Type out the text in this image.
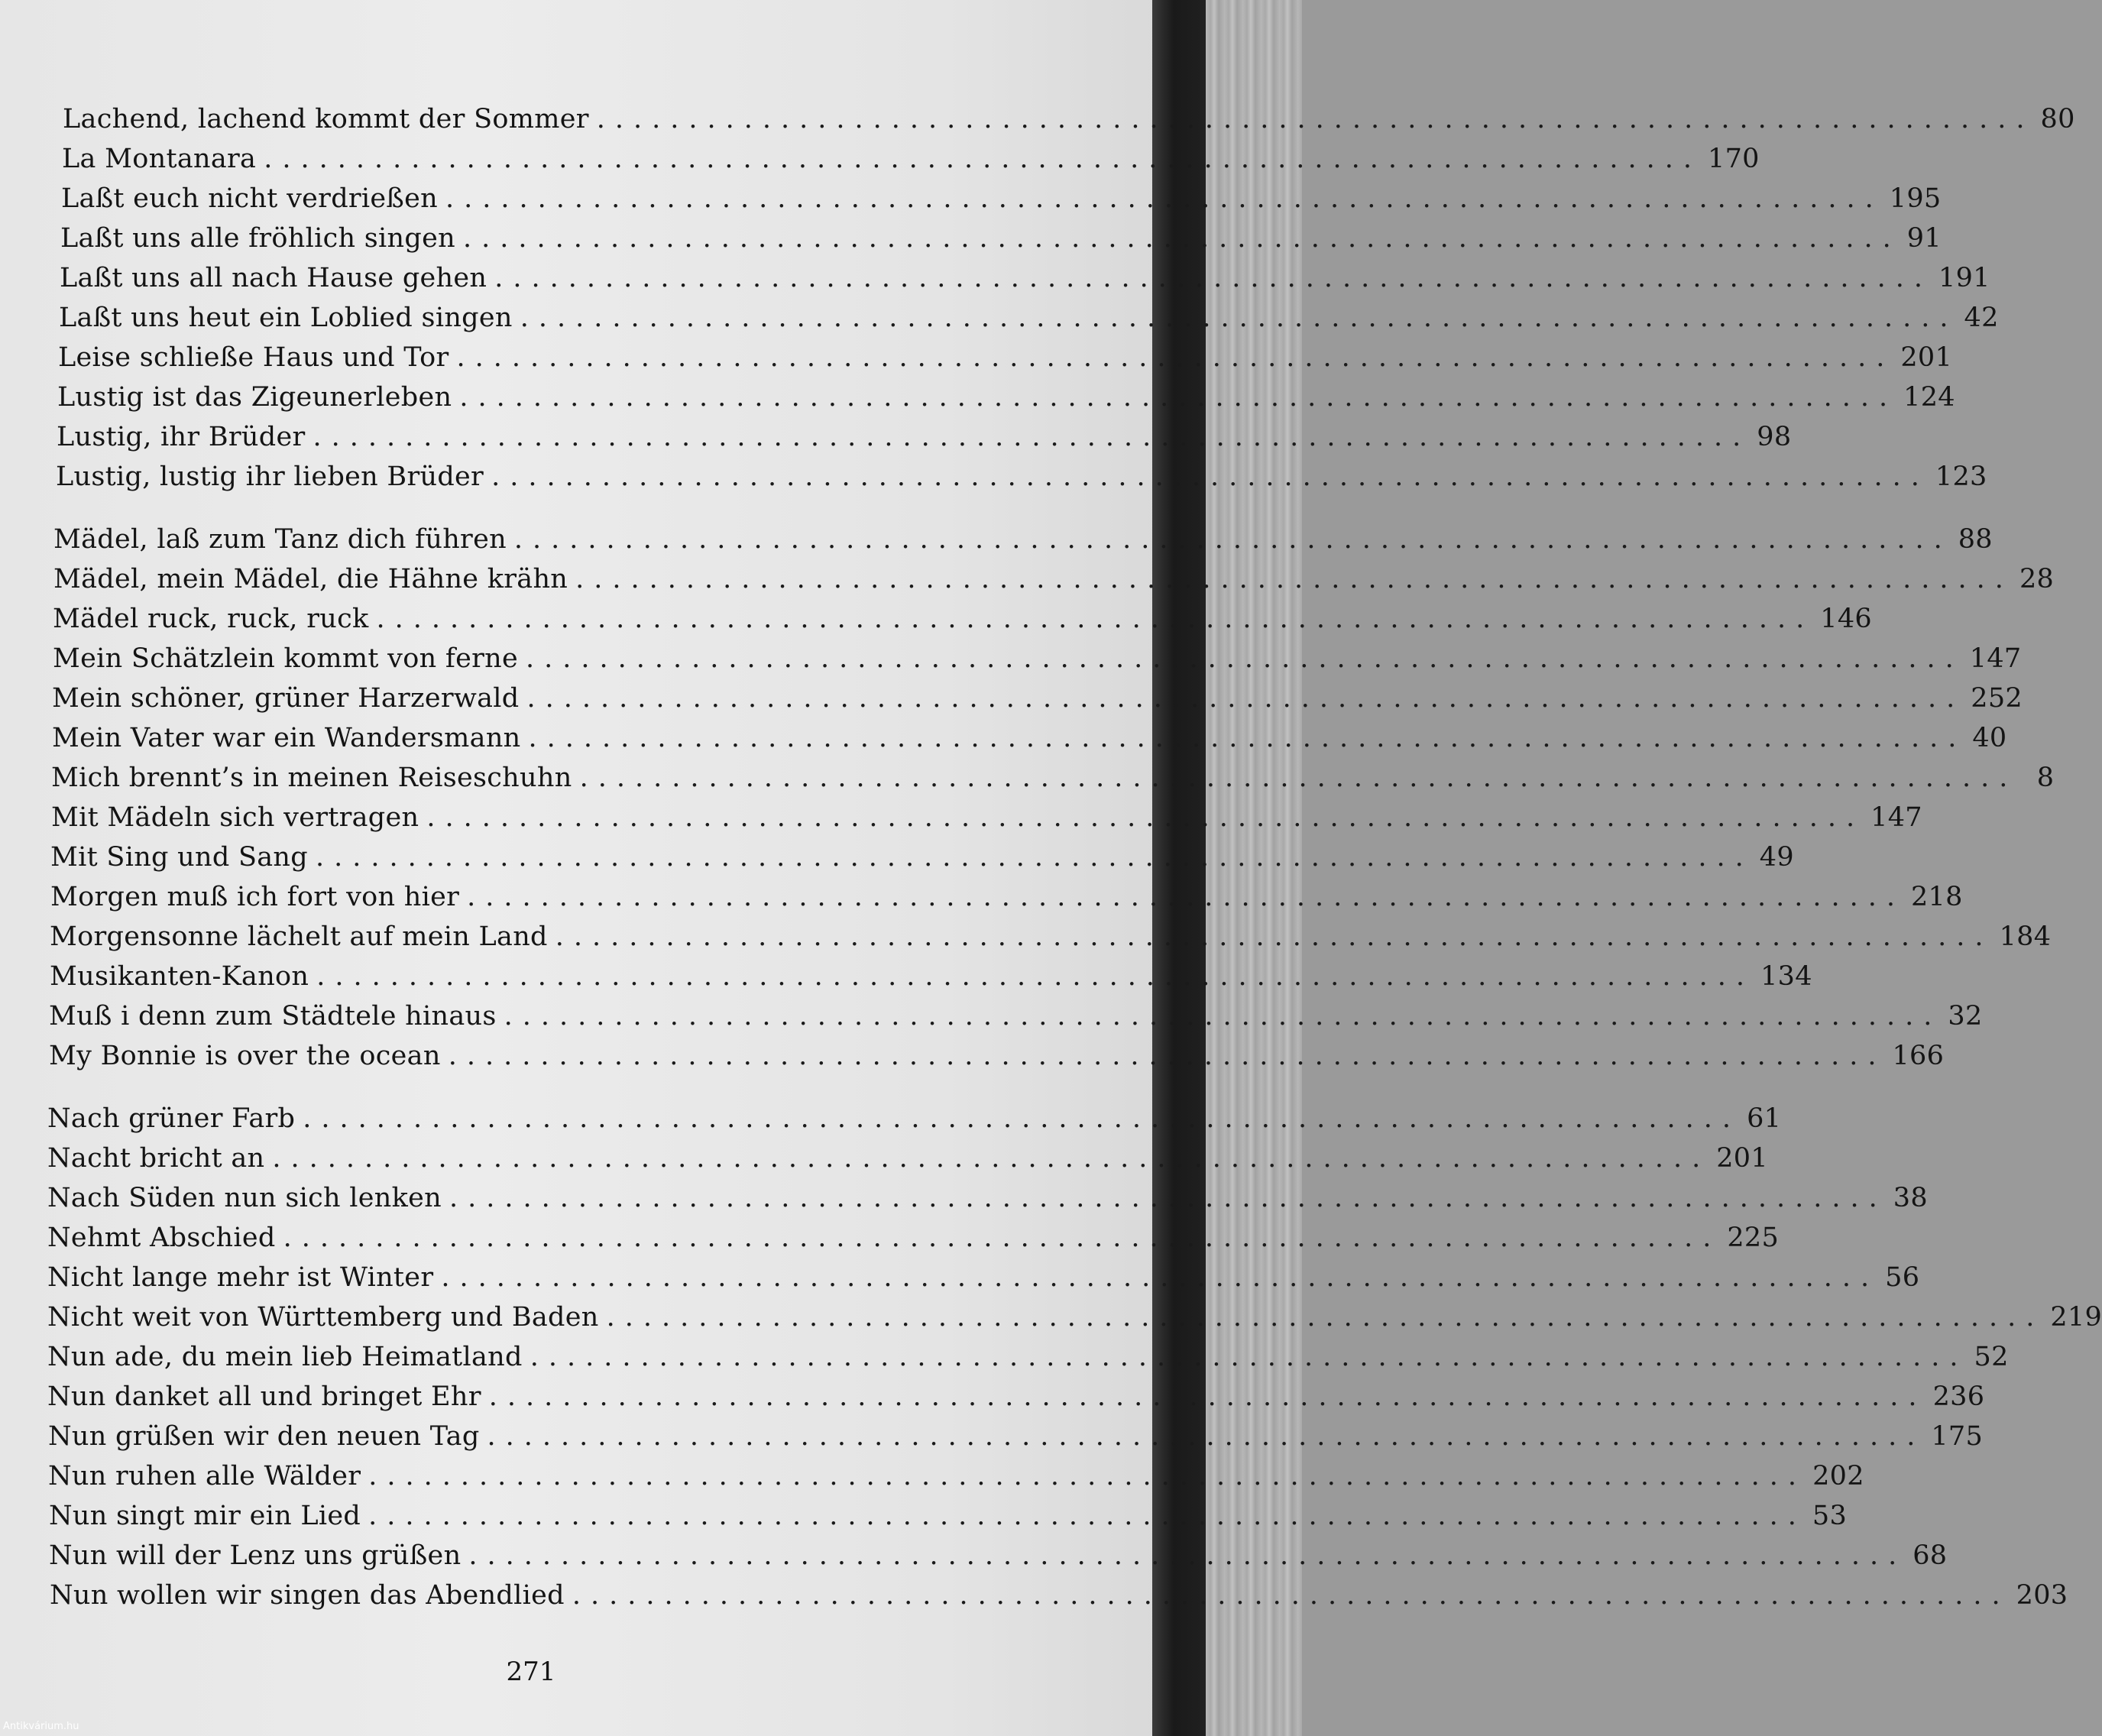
Lachend, lachend kommt der Sommer .............................................................................. 80
La Montanara .............................................................................. 170
Laßt euch nicht verdrießen .............................................................................. 195
Laßt uns alle fröhlich singen .............................................................................. 91
Laßt uns all nach Hause gehen .............................................................................. 191
Laßt uns heut ein Loblied singen .............................................................................. 42
Leise schließe Haus und Tor .............................................................................. 201
Lustig ist das Zigeunerleben .............................................................................. 124
Lustig, ihr Brüder .............................................................................. 98
Lustig, lustig ihr lieben Brüder .............................................................................. 123
Mädel, laß zum Tanz dich führen .............................................................................. 88
Mädel, mein Mädel, die Hähne krähn .............................................................................. 28
Mädel ruck, ruck, ruck .............................................................................. 146
Mein Schätzlein kommt von ferne .............................................................................. 147
Mein schöner, grüner Harzerwald .............................................................................. 252
Mein Vater war ein Wandersmann .............................................................................. 40
Mich brennt’s in meinen Reiseschuhn .............................................................................. 8
Mit Mädeln sich vertragen .............................................................................. 147
Mit Sing und Sang .............................................................................. 49
Morgen muß ich fort von hier .............................................................................. 218
Morgensonne lächelt auf mein Land .............................................................................. 184
Musikanten-Kanon .............................................................................. 134
Muß i denn zum Städtele hinaus .............................................................................. 32
My Bonnie is over the ocean .............................................................................. 166
Nach grüner Farb .............................................................................. 61
Nacht bricht an .............................................................................. 201
Nach Süden nun sich lenken .............................................................................. 38
Nehmt Abschied .............................................................................. 225
Nicht lange mehr ist Winter .............................................................................. 56
Nicht weit von Württemberg und Baden .............................................................................. 219
Nun ade, du mein lieb Heimatland .............................................................................. 52
Nun danket all und bringet Ehr .............................................................................. 236
Nun grüßen wir den neuen Tag .............................................................................. 175
Nun ruhen alle Wälder .............................................................................. 202
Nun singt mir ein Lied .............................................................................. 53
Nun will der Lenz uns grüßen .............................................................................. 68
Nun wollen wir singen das Abendlied .............................................................................. 203
271
Antikvárium.hu
